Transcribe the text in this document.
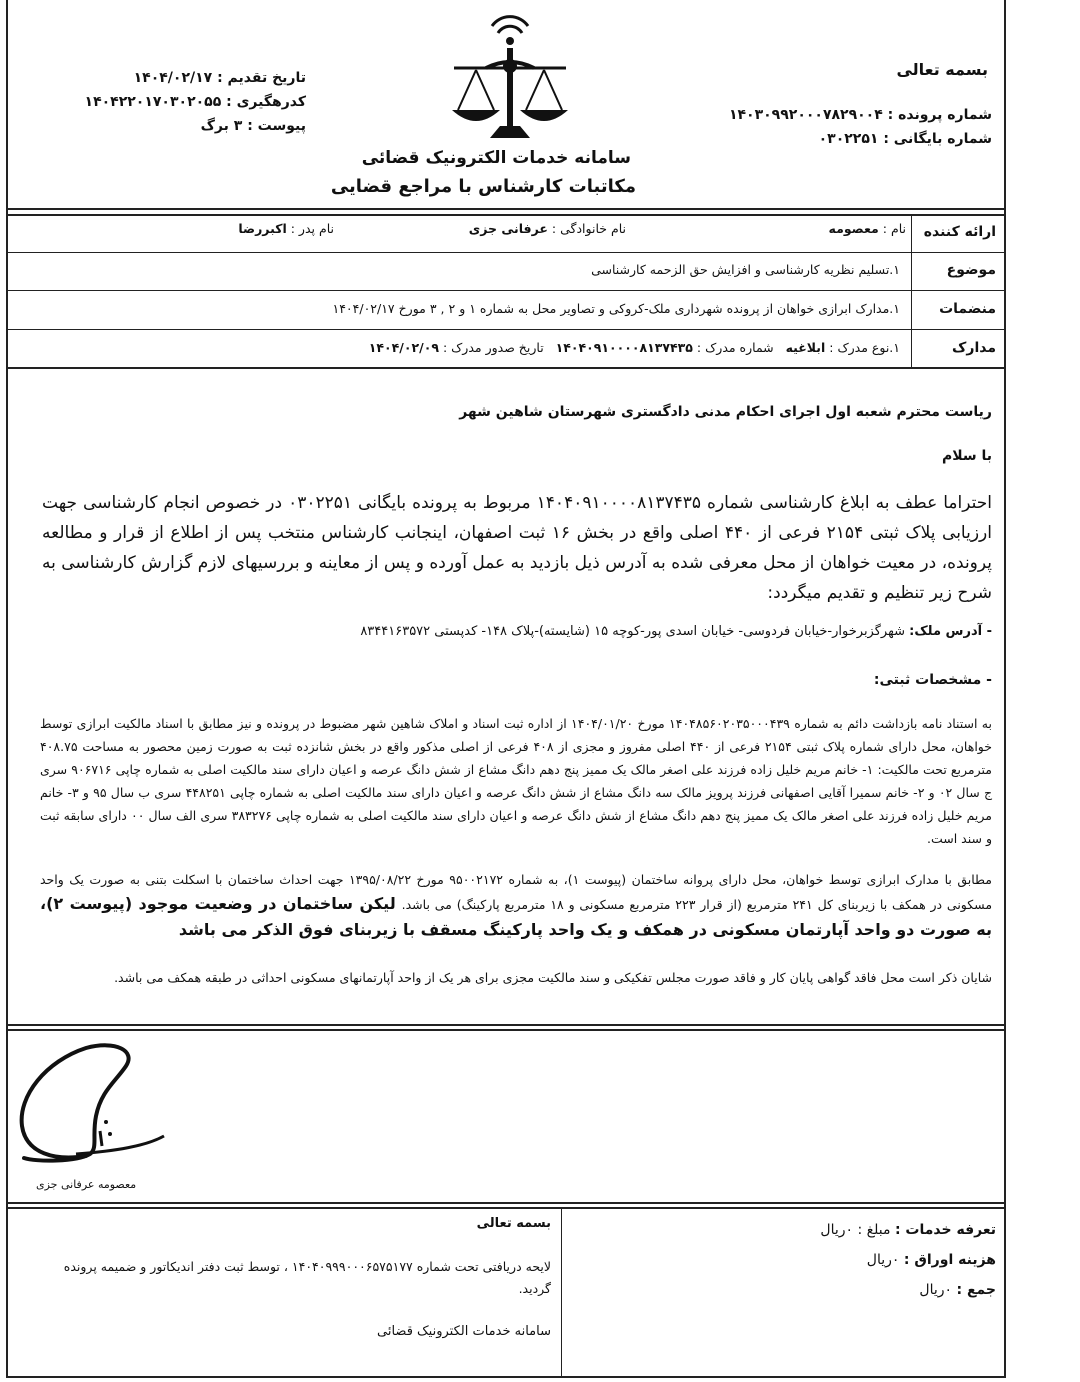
بسمه تعالی
شماره پرونده : ۱۴۰۳۰۹۹۲۰۰۰۷۸۲۹۰۰۴
شماره بایگانی : ۰۳۰۲۲۵۱
تاریخ تقدیم : ۱۴۰۴/۰۲/۱۷
کدرهگیری : ۱۴۰۴۲۲۰۱۷۰۳۰۲۰۵۵
پیوست : ۳ برگ
سامانه خدمات الکترونیک قضائی
مکاتبات کارشناس با مراجع قضایی
ارائه کننده
نام : معصومه
نام خانوادگی : عرفانی جزی
نام پدر : اکبررضا
موضوع
۱.تسلیم نظریه کارشناسی و افزایش حق الزحمه کارشناسی
منضمات
۱.مدارک ابرازی خواهان از پرونده شهرداری ملک-کروکی و تصاویر محل به شماره ۱ و ۲ , ۳ مورخ ۱۴۰۴/۰۲/۱۷
مدارک
۱.نوع مدرک : ابلاغیه   شماره مدرک : ۱۴۰۴۰۹۱۰۰۰۰۸۱۳۷۴۳۵   تاریخ صدور مدرک : ۱۴۰۴/۰۲/۰۹
ریاست محترم شعبه اول اجرای احکام مدنی دادگستری شهرستان شاهین شهر
با سلام
احتراما عطف به ابلاغ کارشناسی شماره ۱۴۰۴۰۹۱۰۰۰۰۸۱۳۷۴۳۵ مربوط به پرونده بایگانی ۰۳۰۲۲۵۱ در خصوص انجام کارشناسی جهت ارزیابی پلاک ثبتی ۲۱۵۴ فرعی از ۴۴۰ اصلی واقع در بخش ۱۶ ثبت اصفهان، اینجانب کارشناس منتخب پس از اطلاع از قرار و مطالعه پرونده، در معیت خواهان از محل معرفی شده به آدرس ذیل بازدید به عمل آورده و پس از معاینه و بررسیهای لازم گزارش کارشناسی به شرح زیر تنظیم و تقدیم میگردد:
- آدرس ملک: شهرگزبرخوار-خیابان فردوسی- خیابان اسدی پور-کوچه ۱۵ (شایسته)-پلاک ۱۴۸- کدپستی ۸۳۴۴۱۶۳۵۷۲
- مشخصات ثبتی:
به استناد نامه بازداشت دائم به شماره ۱۴۰۴۸۵۶۰۲۰۳۵۰۰۰۴۳۹ مورخ ۱۴۰۴/۰۱/۲۰ از اداره ثبت اسناد و املاک شاهین شهر مضبوط در پرونده و نیز مطابق با اسناد مالکیت ابرازی توسط خواهان، محل دارای شماره پلاک ثبتی ۲۱۵۴ فرعی از ۴۴۰ اصلی مفروز و مجزی از ۴۰۸ فرعی از اصلی مذکور واقع در بخش شانزده ثبت به صورت زمین محصور به مساحت ۴۰۸.۷۵ مترمربع تحت مالکیت: ۱- خانم مریم خلیل زاده فرزند علی اصغر مالک یک ممیز پنج دهم دانگ مشاع از شش دانگ عرصه و اعیان دارای سند مالکیت اصلی به شماره چاپی ۹۰۶۷۱۶ سری ج سال ۰۲ و ۲- خانم سمیرا آقایی اصفهانی فرزند پرویز مالک سه دانگ مشاع از شش دانگ عرصه و اعیان دارای سند مالکیت اصلی به شماره چاپی ۴۴۸۲۵۱ سری ب سال ۹۵ و ۳- خانم مریم خلیل زاده فرزند علی اصغر مالک یک ممیز پنج دهم دانگ مشاع از شش دانگ عرصه و اعیان دارای سند مالکیت اصلی به شماره چاپی ۳۸۳۲۷۶ سری الف سال ۰۰ دارای سابقه ثبت و سند است.
مطابق با مدارک ابرازی توسط خواهان، محل دارای پروانه ساختمان (پیوست ۱)، به شماره ۹۵۰۰۲۱۷۲ مورخ ۱۳۹۵/۰۸/۲۲ جهت احداث ساختمان با اسکلت بتنی به صورت یک واحد مسکونی در همکف با زیربنای کل ۲۴۱ مترمربع (از قرار ۲۲۳ مترمربع مسکونی و ۱۸ مترمربع پارکینگ) می باشد. لیکن ساختمان در وضعیت موجود (پیوست ۲)، به صورت دو واحد آپارتمان مسکونی در همکف و یک واحد پارکینگ مسقف با زیربنای فوق الذکر می باشد
شایان ذکر است محل فاقد گواهی پایان کار و فاقد صورت مجلس تفکیکی و سند مالکیت مجزی برای هر یک از واحد آپارتمانهای مسکونی احداثی در طبقه همکف می باشد.
معصومه عرفانی جزی
بسمه تعالی
لایحه دریافتی تحت شماره ۱۴۰۴۰۹۹۹۰۰۰۶۵۷۵۱۷۷ ، توسط ثبت دفتر اندیکاتور و ضمیمه پرونده گردید.
سامانه خدمات الکترونیک قضائی
تعرفه خدمات : مبلغ : ۰ریال
هزینه اوراق : ۰ریال
جمع : ۰ریال
